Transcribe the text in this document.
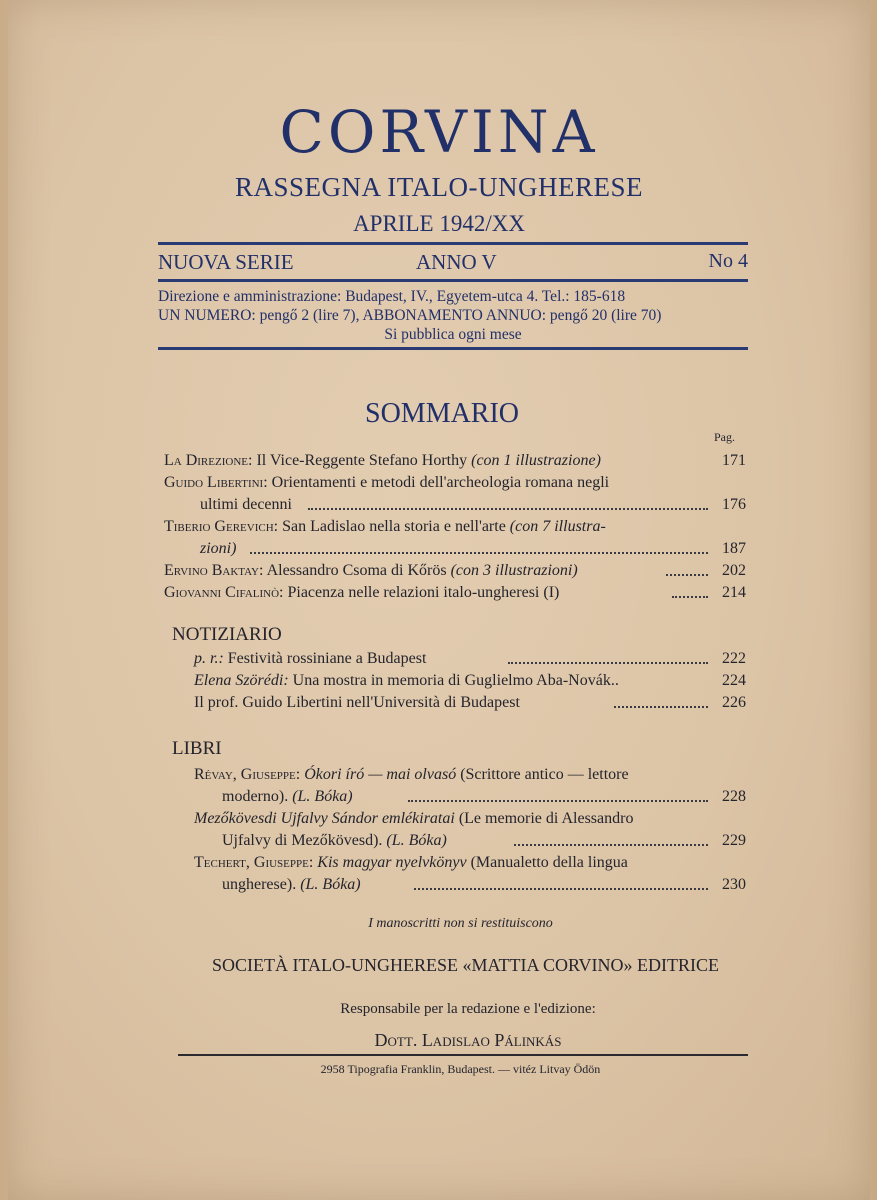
CORVINA
RASSEGNA ITALO-UNGHERESE
APRILE 1942/XX
NUOVA SERIE	ANNO V	No 4
Direzione e amministrazione: Budapest, IV., Egyetem-utca 4. Tel.: 185-618
UN NUMERO: pengő 2 (lire 7), ABBONAMENTO ANNUO: pengő 20 (lire 70)
Si pubblica ogni mese
SOMMARIO
Pag.
La Direzione: Il Vice-Reggente Stefano Horthy (con 1 illustrazione)	171
Guido Libertini: Orientamenti e metodi dell'archeologia romana negli
ultimi decenni	176
Tiberio Gerevich: San Ladislao nella storia e nell'arte (con 7 illustra-
zioni)	187
Ervino Baktay: Alessandro Csoma di Kőrös (con 3 illustrazioni)	202
Giovanni Cifalinò: Piacenza nelle relazioni italo-ungheresi (I)	214
NOTIZIARIO
p. r.: Festività rossiniane a Budapest	222
Elena Szörédi: Una mostra in memoria di Guglielmo Aba-Novák..	224
Il prof. Guido Libertini nell'Università di Budapest	226
LIBRI
Révay, Giuseppe: Ókori író — mai olvasó (Scrittore antico — lettore
moderno). (L. Bóka)	228
Mezőkövesdi Ujfalvy Sándor emlékiratai (Le memorie di Alessandro
Ujfalvy di Mezőkövesd). (L. Bóka)	229
Techert, Giuseppe: Kis magyar nyelvkönyv (Manualetto della lingua
ungherese). (L. Bóka)	230
I manoscritti non si restituiscono
SOCIETÀ ITALO-UNGHERESE «MATTIA CORVINO» EDITRICE
Responsabile per la redazione e l'edizione:
Dott. Ladislao Pálinkás
2958 Tipografia Franklin, Budapest. — vitéz Litvay Ödön
